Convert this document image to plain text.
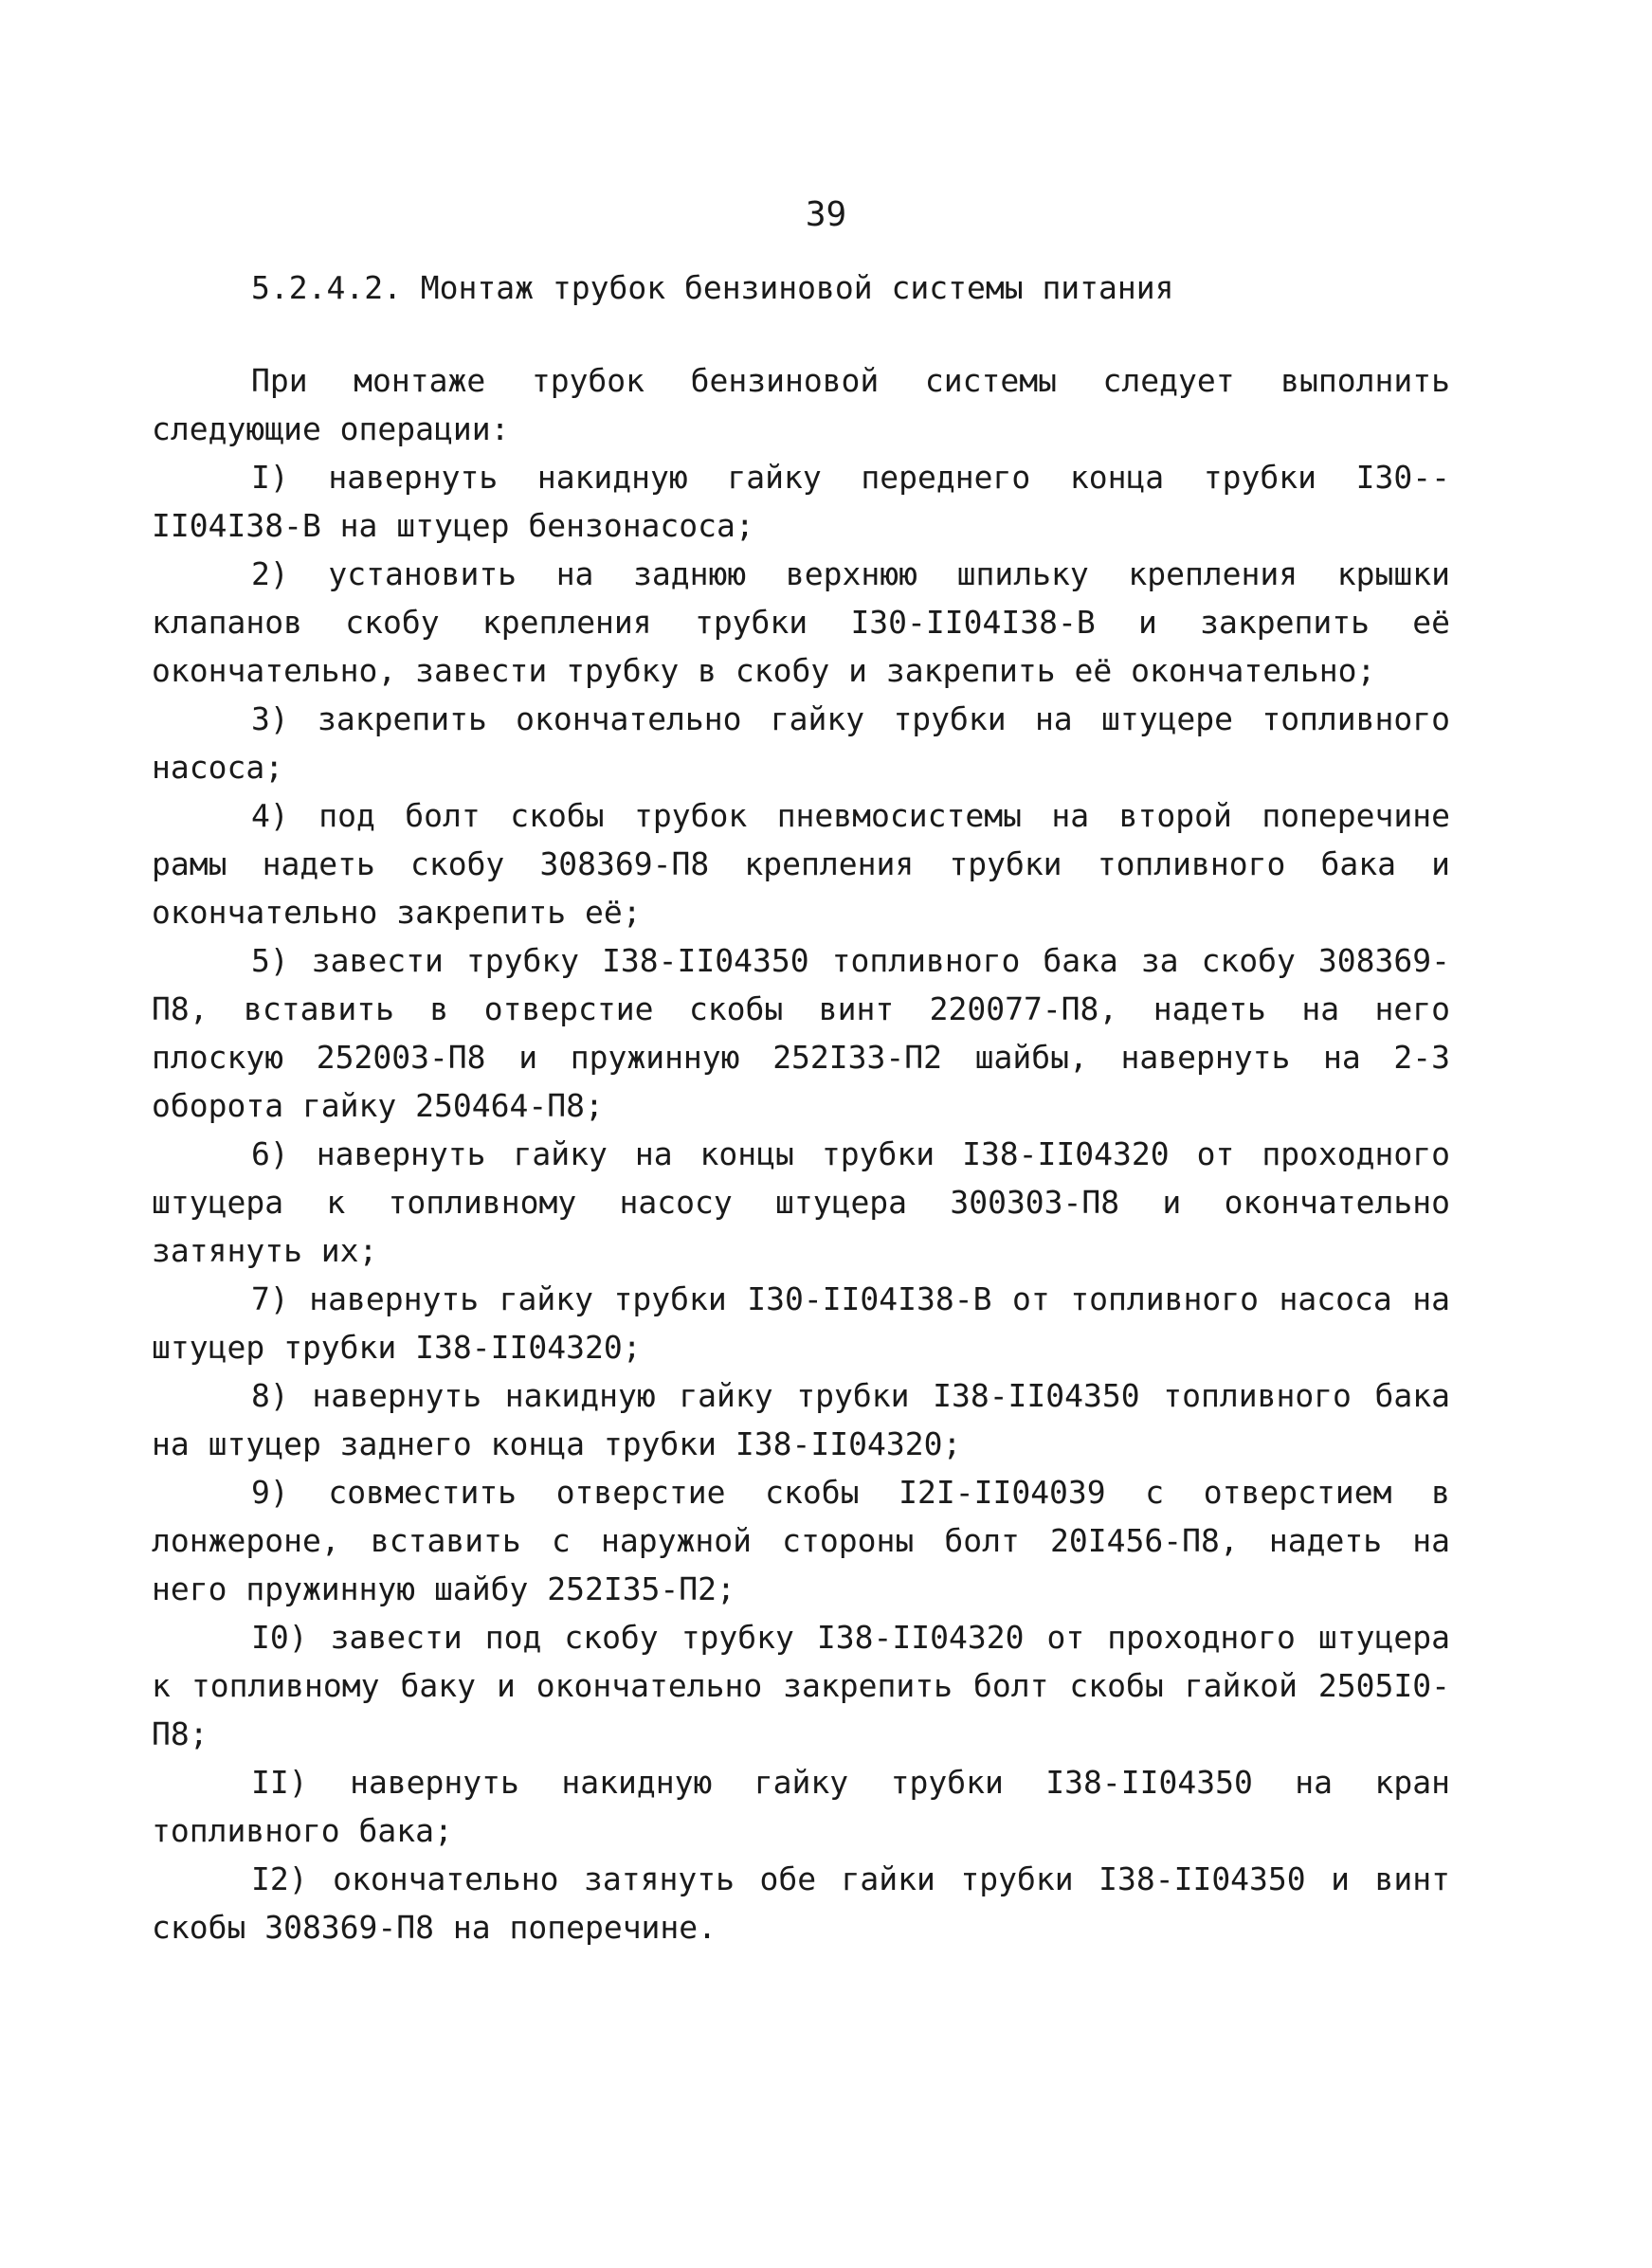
39
5.2.4.2. Монтаж трубок бензиновой системы питания

При монтаже трубок бензиновой системы следует выполнить следующие операции:

I) навернуть накидную гайку переднего конца трубки I30--II04I38-В на штуцер бензонасоса;

2) установить на заднюю верхнюю шпильку крепления крышки клапанов скобу крепления трубки I30-II04I38-В и закрепить её окончательно, завести трубку в скобу и закрепить её окончательно;

3) закрепить окончательно гайку трубки на штуцере топливного насоса;

4) под болт скобы трубок пневмосистемы на второй поперечине рамы надеть скобу 308369-П8 крепления трубки топливного бака и окончательно закрепить её;

5) завести трубку I38-II04350 топливного бака за скобу 308369-П8, вставить в отверстие скобы винт 220077-П8, надеть на него плоскую 252003-П8 и пружинную 252I33-П2 шайбы, навернуть на 2-3 оборота гайку 250464-П8;

6) навернуть гайку на концы трубки I38-II04320 от проходного штуцера к топливному насосу штуцера 300303-П8 и окончательно затянуть их;

7) навернуть гайку трубки I30-II04I38-В от топливного насоса на штуцер трубки I38-II04320;

8) навернуть накидную гайку трубки I38-II04350 топливного бака на штуцер заднего конца трубки I38-II04320;

9) совместить отверстие скобы I2I-II04039 с отверстием в лонжероне, вставить с наружной стороны болт 20I456-П8, надеть на него пружинную шайбу 252I35-П2;

I0) завести под скобу трубку I38-II04320 от проходного штуцера к топливному баку и окончательно закрепить болт скобы гайкой 2505I0-П8;

II) навернуть накидную гайку трубки I38-II04350 на кран топливного бака;

I2) окончательно затянуть обе гайки трубки I38-II04350 и винт скобы 308369-П8 на поперечине.
